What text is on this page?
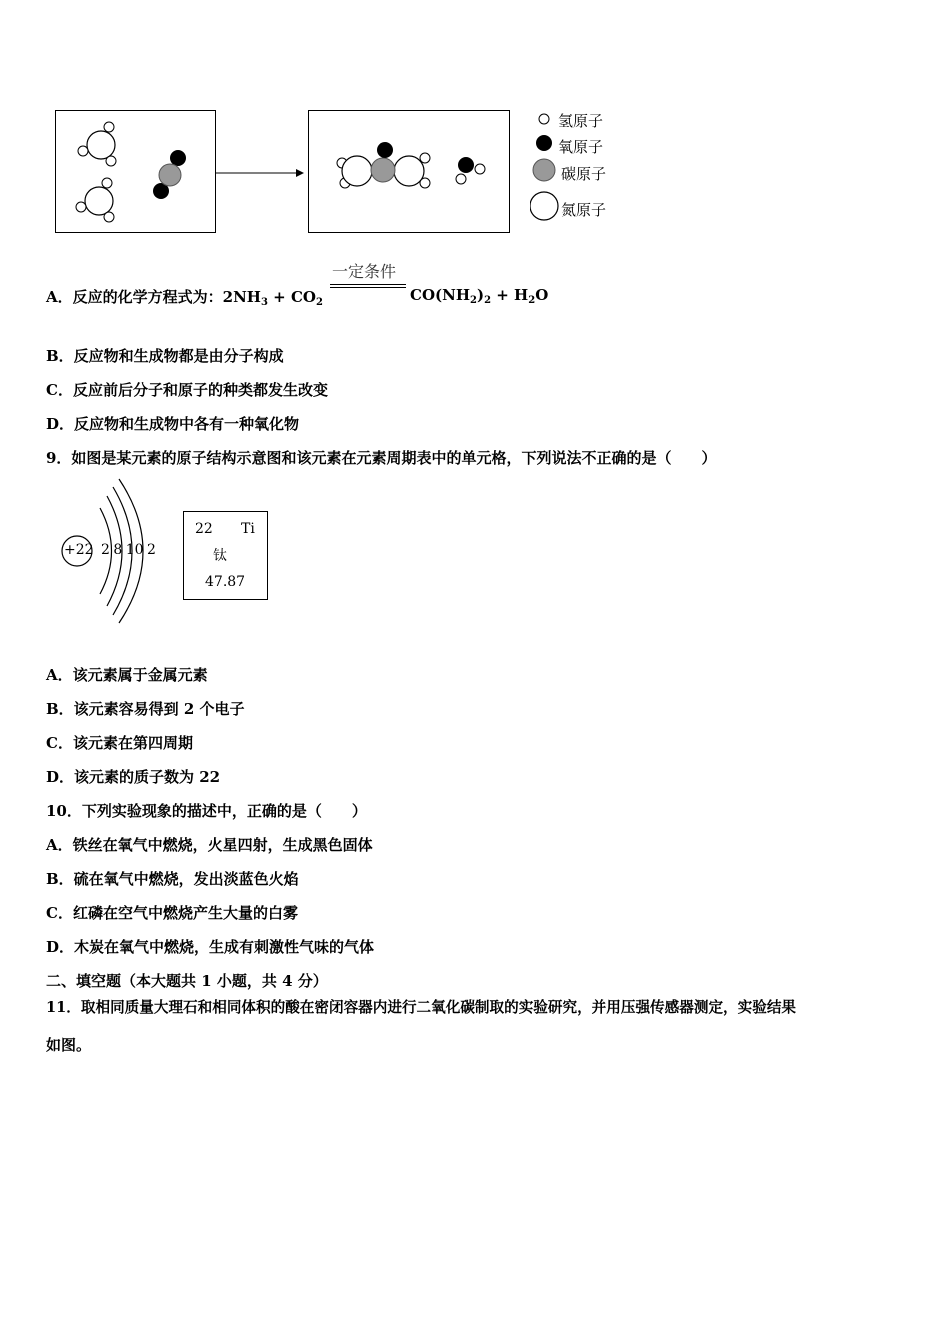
氢原子
氧原子
碳原子
氮原子
一定条件
A．反应的化学方程式为：$2NH_3 + CO_2$	$CO(NH_2)_2 + H_2O$
B．反应物和生成物都是由分子构成
C．反应前后分子和原子的种类都发生改变
D．反应物和生成物中各有一种氧化物
9．如图是某元素的原子结构示意图和该元素在元素周期表中的单元格，下列说法不正确的是（　　）
+22 2 8 10 2
22 Ti
钛
47.87
A．该元素属于金属元素
B．该元素容易得到 2 个电子
C．该元素在第四周期
D．该元素的质子数为 22
10．下列实验现象的描述中，正确的是（　　）
A．铁丝在氧气中燃烧，火星四射，生成黑色固体
B．硫在氧气中燃烧，发出淡蓝色火焰
C．红磷在空气中燃烧产生大量的白雾
D．木炭在氧气中燃烧，生成有刺激性气味的气体
二、填空题（本大题共 1 小题，共 4 分）
11．取相同质量大理石和相同体积的酸在密闭容器内进行二氧化碳制取的实验研究，并用压强传感器测定，实验结果
如图。
